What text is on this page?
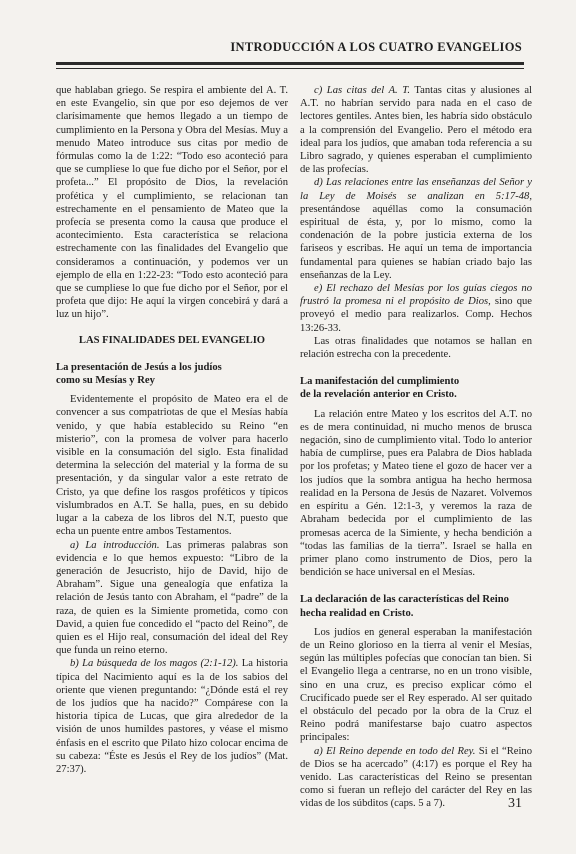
INTRODUCCIÓN A LOS CUATRO EVANGELIOS

que hablaban griego. Se respira el ambiente del A. T. en este Evangelio, sin que por eso dejemos de ver clarísimamente que hemos llegado a un tiempo de cumplimiento en la Persona y Obra del Mesías. Muy a menudo Mateo introduce sus citas por medio de fórmulas como la de 1:22: “Todo eso aconteció para que se cumpliese lo que fue dicho por el Señor, por el profeta...” El propósito de Dios, la revelación profética y el cumplimiento, se relacionan tan estrechamente en el pensamiento de Mateo que la profecía se presenta como la causa que produce el acontecimiento. Esta característica se relaciona estrechamente con las finalidades del Evangelio que consideramos a continuación, y podemos ver un ejemplo de ella en 1:22-23: “Todo esto aconteció para que se cumpliese lo que fue dicho por el Señor, por el profeta que dijo: He aquí la virgen concebirá y dará a luz un hijo”.

LAS FINALIDADES DEL EVANGELIO
La presentación de Jesús a los judíos
como su Mesías y Rey

Evidentemente el propósito de Mateo era el de convencer a sus compatriotas de que el Mesías había venido, y que había establecido su Reino “en misterio”, con la promesa de volver para hacerlo visible en la consumación del siglo. Esta finalidad determina la selección del material y la forma de su presentación, y da singular valor a este retrato de Cristo, ya que define los rasgos proféticos y típicos vislumbrados en A.T. Se halla, pues, en su debido lugar a la cabeza de los libros del N.T, puesto que echa un puente entre ambos Testamentos.

a) La introducción. Las primeras palabras son evidencia e lo que hemos expuesto: “Libro de la generación de Jesucristo, hijo de David, hijo de Abraham”. Sigue una genealogía que enfatiza la relación de Jesús tanto con Abraham, el “padre” de la raza, de quien es la Simiente prometida, como con David, a quien fue concedido el “pacto del Reino”, de quien es el Hijo real, consumación del ideal del Rey que funda un reino eterno.

b) La búsqueda de los magos (2:1-12). La historia típica del Nacimiento aquí es la de los sabios del oriente que vienen preguntando: “¿Dónde está el rey de los judíos que ha nacido?” Compárese con la historia típica de Lucas, que gira alrededor de la visión de unos humildes pastores, y véase el mismo énfasis en el escrito que Pilato hizo colocar encima de su cabeza: “Éste es Jesús el Rey de los judíos” (Mat. 27:37).

c) Las citas del A. T. Tantas citas y alusiones al A.T. no habrían servido para nada en el caso de lectores gentiles. Antes bien, les habría sido obstáculo a la comprensión del Evangelio. Pero el método era ideal para los judíos, que amaban toda referencia a su Libro sagrado, y quienes esperaban el cumplimiento de las profecías.

d) Las relaciones entre las enseñanzas del Señor y la Ley de Moisés se analizan en 5:17-48, presentándose aquéllas como la consumación espiritual de ésta, y, por lo mismo, como la condenación de la pobre justicia externa de los fariseos y escribas. He aquí un tema de importancia fundamental para quienes se habían criado bajo las enseñanzas de la Ley.

e) El rechazo del Mesías por los guías ciegos no frustró la promesa ni el propósito de Dios, sino que proveyó el medio para realizarlos. Comp. Hechos 13:26-33.

Las otras finalidades que notamos se hallan en relación estrecha con la precedente.

La manifestación del cumplimiento
de la revelación anterior en Cristo.

La relación entre Mateo y los escritos del A.T. no es de mera continuidad, ni mucho menos de brusca negación, sino de cumplimiento vital. Todo lo anterior había de cumplirse, pues era Palabra de Dios hablada por los profetas; y Mateo tiene el gozo de hacer ver a los judíos que la sombra antigua ha hecho hermosa realidad en la Persona de Jesús de Nazaret. Volvemos en espíritu a Gén. 12:1-3, y veremos la raza de Abraham bedecida por el cumplimiento de las promesas acerca de la Simiente, y hecha bendición a “todas las familias de la tierra”. Israel se halla en primer plano como instrumento de Dios, pero la bendición se hace universal en el Mesías.

La declaración de las características del Reino
hecha realidad en Cristo.

Los judíos en general esperaban la manifestación de un Reino glorioso en la tierra al venir el Mesías, según las múltiples pofecías que conocían tan bien. Si el Evangelio llega a centrarse, no en un trono visible, sino en una cruz, es preciso explicar cómo el Crucificado puede ser el Rey esperado. Al ser quitado el obstáculo del pecado por la obra de la Cruz el Reino podrá manifestarse bajo cuatro aspectos principales:

a) El Reino depende en todo del Rey. Si el “Reino de Dios se ha acercado” (4:17) es porque el Rey ha venido. Las características del Reino se presentan como si fueran un reflejo del carácter del Rey en las vidas de los súbditos (caps. 5 a 7).	31
